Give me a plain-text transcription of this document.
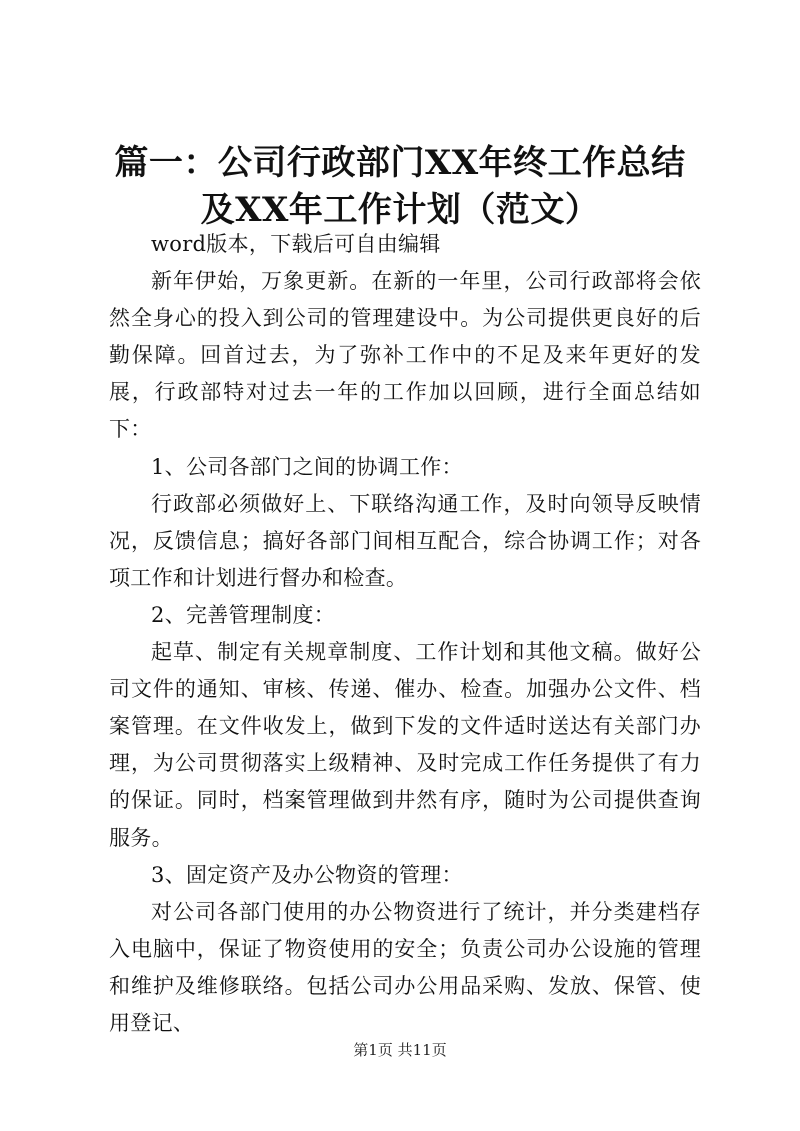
篇一：公司行政部门XX年终工作总结及XX年工作计划（范文）

word版本，下载后可自由编辑

新年伊始，万象更新。在新的一年里，公司行政部将会依然全身心的投入到公司的管理建设中。为公司提供更良好的后勤保障。回首过去，为了弥补工作中的不足及来年更好的发展，行政部特对过去一年的工作加以回顾，进行全面总结如下：

1、公司各部门之间的协调工作：

行政部必须做好上、下联络沟通工作，及时向领导反映情况，反馈信息；搞好各部门间相互配合，综合协调工作；对各项工作和计划进行督办和检查。

2、完善管理制度：

起草、制定有关规章制度、工作计划和其他文稿。做好公司文件的通知、审核、传递、催办、检查。加强办公文件、档案管理。在文件收发上，做到下发的文件适时送达有关部门办理，为公司贯彻落实上级精神、及时完成工作任务提供了有力的保证。同时，档案管理做到井然有序，随时为公司提供查询服务。

3、固定资产及办公物资的管理：

对公司各部门使用的办公物资进行了统计，并分类建档存入电脑中，保证了物资使用的安全；负责公司办公设施的管理和维护及维修联络。包括公司办公用品采购、发放、保管、使用登记、

第1页 共11页
